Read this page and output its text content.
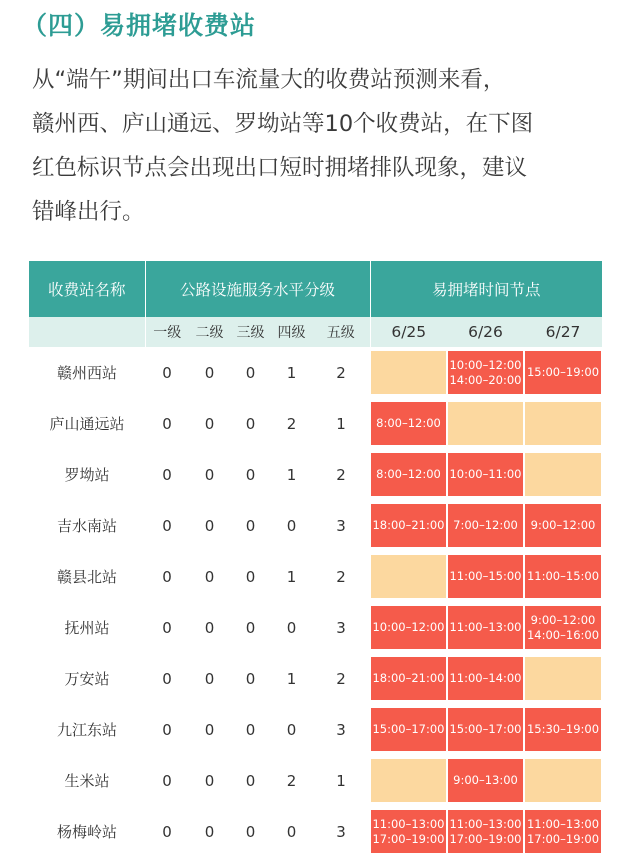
（四）易拥堵收费站
从“端午”期间出口车流量大的收费站预测来看，
赣州西、庐山通远、罗坳站等10个收费站，在下图
红色标识节点会出现出口短时拥堵排队现象，建议
错峰出行。
收费站名称	公路设施服务水平分级					易拥堵时间节点		
	一级	二级	三级	四级	五级	6/25	6/26	6/27
赣州西站	0	0	0	1	2		10:00–12:00
14:00–20:00	15:00–19:00

庐山通远站	0	0	0	2	1	8:00–12:00		

罗坳站	0	0	0	1	2	8:00–12:00	10:00–11:00	

吉水南站	0	0	0	0	3	18:00–21:00	7:00–12:00	9:00–12:00

赣县北站	0	0	0	1	2		11:00–15:00	11:00–15:00

抚州站	0	0	0	0	3	10:00–12:00	11:00–13:00	9:00–12:00
14:00–16:00

万安站	0	0	0	1	2	18:00–21:00	11:00–14:00	

九江东站	0	0	0	0	3	15:00–17:00	15:00–17:00	15:30–19:00

生米站	0	0	0	2	1		9:00–13:00	

杨梅岭站	0	0	0	0	3	11:00–13:00
17:00–19:00	11:00–13:00
17:00–19:00	11:00–13:00
17:00–19:00
